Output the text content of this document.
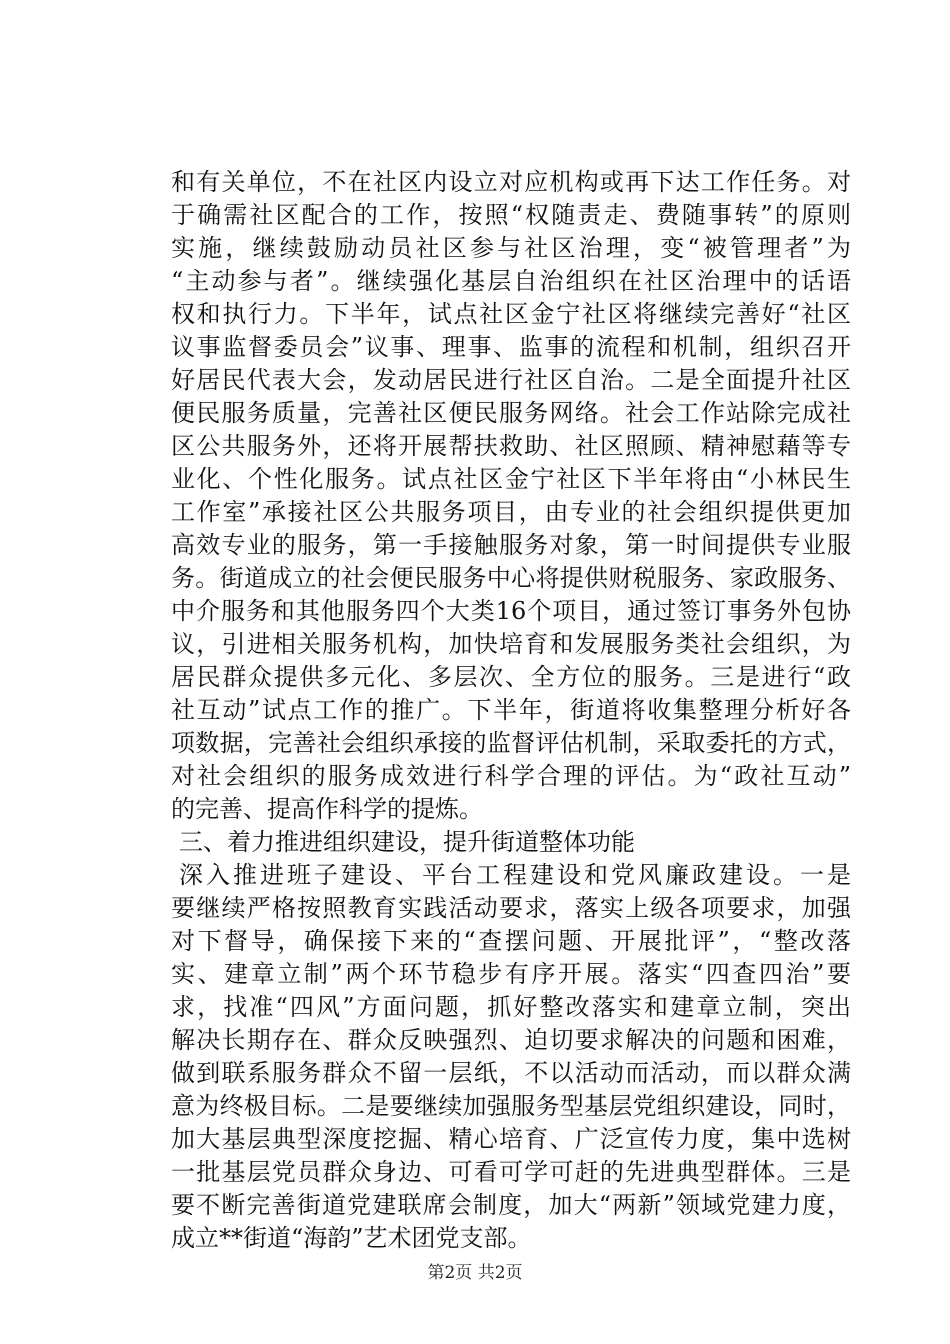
和有关单位，不在社区内设立对应机构或再下达工作任务。对
于确需社区配合的工作，按照“权随责走、费随事转”的原则
实施，继续鼓励动员社区参与社区治理，变“被管理者”为
“主动参与者”。继续强化基层自治组织在社区治理中的话语
权和执行力。下半年，试点社区金宁社区将继续完善好“社区
议事监督委员会”议事、理事、监事的流程和机制，组织召开
好居民代表大会，发动居民进行社区自治。二是全面提升社区
便民服务质量，完善社区便民服务网络。社会工作站除完成社
区公共服务外，还将开展帮扶救助、社区照顾、精神慰藉等专
业化、个性化服务。试点社区金宁社区下半年将由“小林民生
工作室”承接社区公共服务项目，由专业的社会组织提供更加
高效专业的服务，第一手接触服务对象，第一时间提供专业服
务。街道成立的社会便民服务中心将提供财税服务、家政服务、
中介服务和其他服务四个大类16个项目，通过签订事务外包协
议，引进相关服务机构，加快培育和发展服务类社会组织，为
居民群众提供多元化、多层次、全方位的服务。三是进行“政
社互动”试点工作的推广。下半年，街道将收集整理分析好各
项数据，完善社会组织承接的监督评估机制，采取委托的方式，
对社会组织的服务成效进行科学合理的评估。为“政社互动”
的完善、提高作科学的提炼。
三、着力推进组织建设，提升街道整体功能
深入推进班子建设、平台工程建设和党风廉政建设。一是
要继续严格按照教育实践活动要求，落实上级各项要求，加强
对下督导，确保接下来的“查摆问题、开展批评”，“整改落
实、建章立制”两个环节稳步有序开展。落实“四查四治”要
求，找准“四风”方面问题，抓好整改落实和建章立制，突出
解决长期存在、群众反映强烈、迫切要求解决的问题和困难，
做到联系服务群众不留一层纸，不以活动而活动，而以群众满
意为终极目标。二是要继续加强服务型基层党组织建设，同时，
加大基层典型深度挖掘、精心培育、广泛宣传力度，集中选树
一批基层党员群众身边、可看可学可赶的先进典型群体。三是
要不断完善街道党建联席会制度，加大“两新”领域党建力度，
成立**街道“海韵”艺术团党支部。
第2页 共2页
